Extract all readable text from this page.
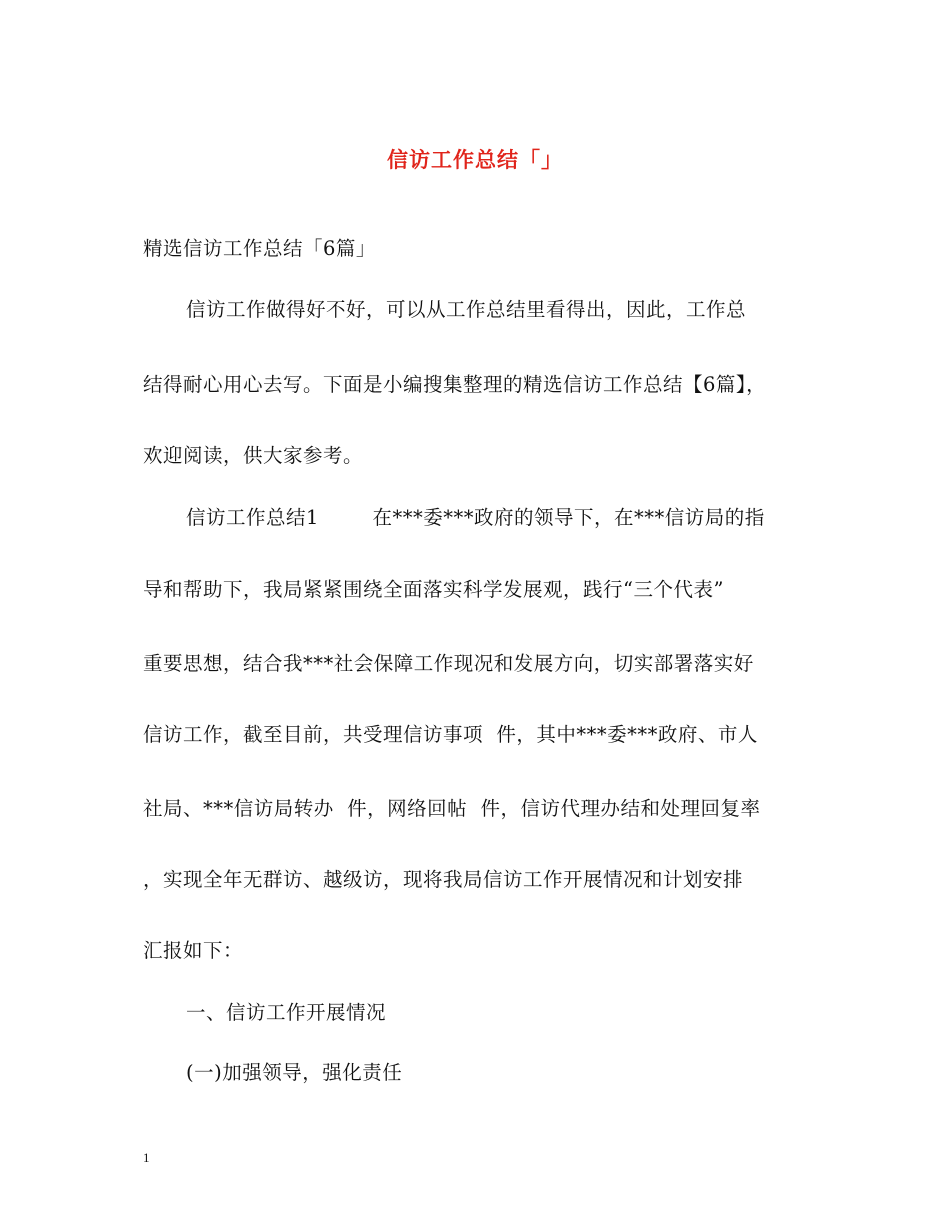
信访工作总结「」
精选信访工作总结「6篇」
信访工作做得好不好，可以从工作总结里看得出，因此，工作总
结得耐心用心去写。下面是小编搜集整理的精选信访工作总结【6篇】，
欢迎阅读，供大家参考。
信访工作总结1        在***委***政府的领导下，在***信访局的指
导和帮助下，我局紧紧围绕全面落实科学发展观，践行“三个代表”
重要思想，结合我***社会保障工作现况和发展方向，切实部署落实好
信访工作，截至目前，共受理信访事项  件，其中***委***政府、市人
社局、***信访局转办  件，网络回帖  件，信访代理办结和处理回复率
，实现全年无群访、越级访，现将我局信访工作开展情况和计划安排
汇报如下：
一、信访工作开展情况
(一)加强领导，强化责任
1
